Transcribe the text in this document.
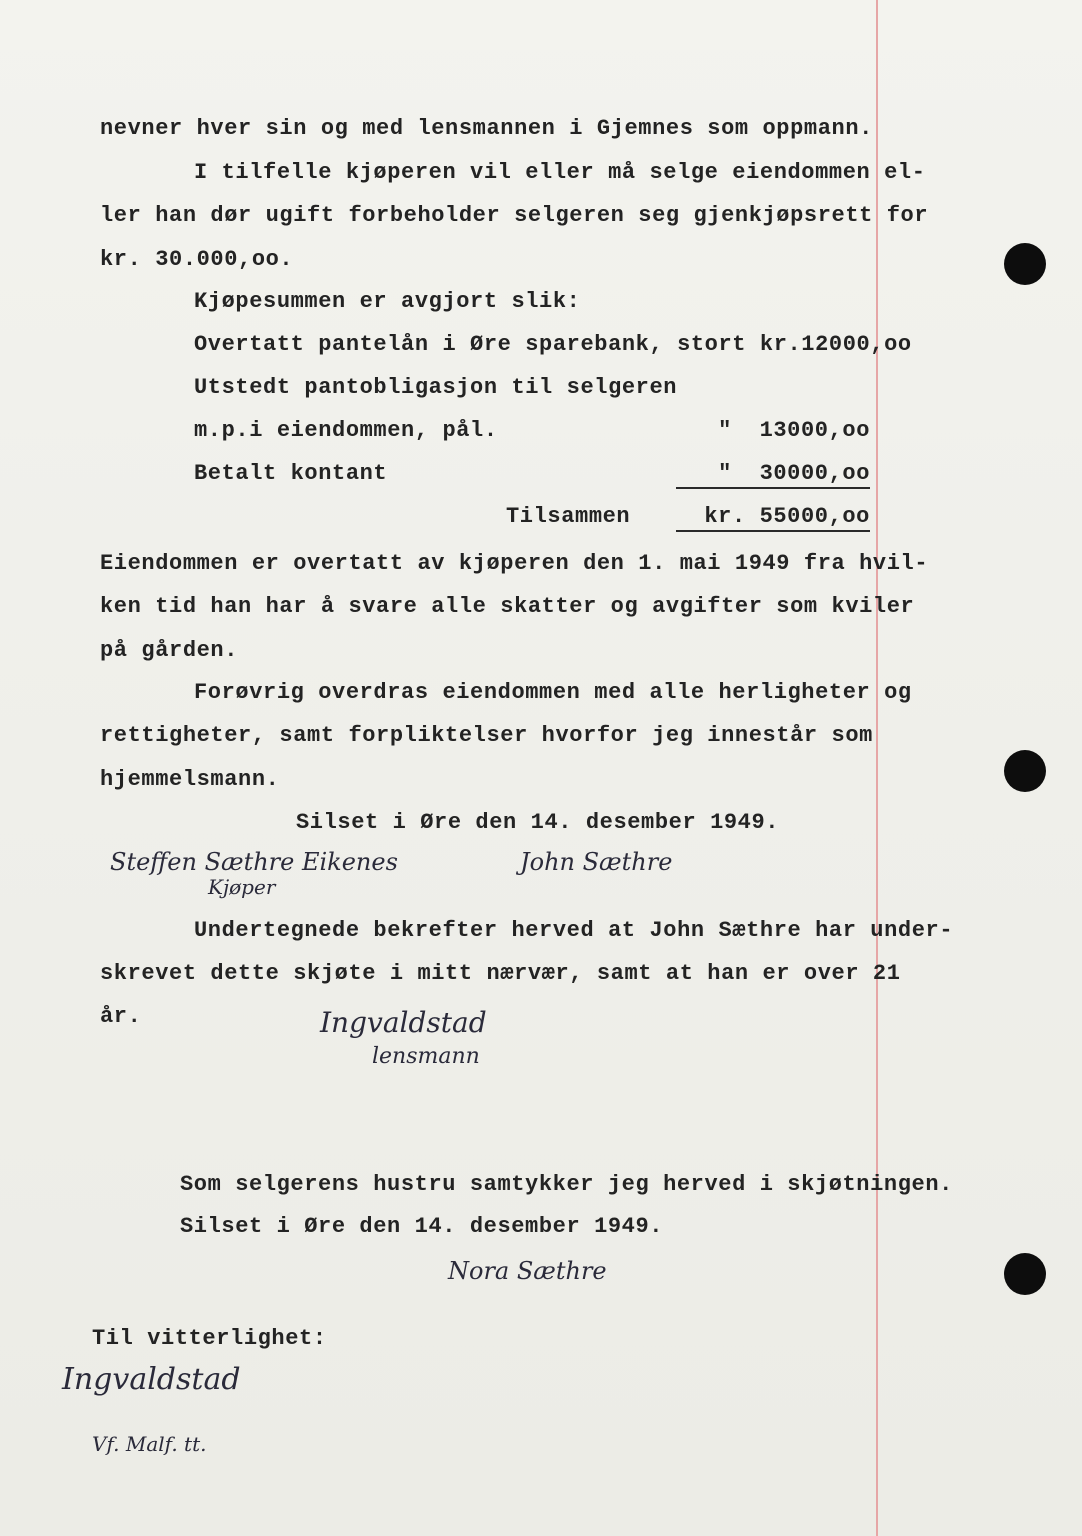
nevner hver sin og med lensmannen i Gjemnes som oppmann.
I tilfelle kjøperen vil eller må selge eiendommen el-
ler han dør ugift forbeholder selgeren seg gjenkjøpsrett for
kr. 30.000,oo.
Kjøpesummen er avgjort slik:
Overtatt pantelån i Øre sparebank, stort kr.12000,oo
Utstedt pantobligasjon til selgeren
m.p.i eiendommen, pål.	"  13000,oo
Betalt kontant	"  30000,oo
Tilsammen	kr. 55000,oo
Eiendommen er overtatt av kjøperen den 1. mai 1949 fra hvil-
ken tid han har å svare alle skatter og avgifter som kviler
på gården.
Forøvrig overdras eiendommen med alle herligheter og
rettigheter, samt forpliktelser hvorfor jeg innestår som
hjemmelsmann.
Silset i Øre den 14. desember 1949.
Steffen Sæthre Eikenes
Kjøper
John Sæthre
Undertegnede bekrefter herved at John Sæthre har under-
skrevet dette skjøte i mitt nærvær, samt at han er over 21
år.	Ingvaldstad
lensmann
Som selgerens hustru samtykker jeg herved i skjøtningen.
Silset i Øre den 14. desember 1949.
Nora Sæthre
Til vitterlighet:
Ingvaldstad
Vf. Malf. tt.
